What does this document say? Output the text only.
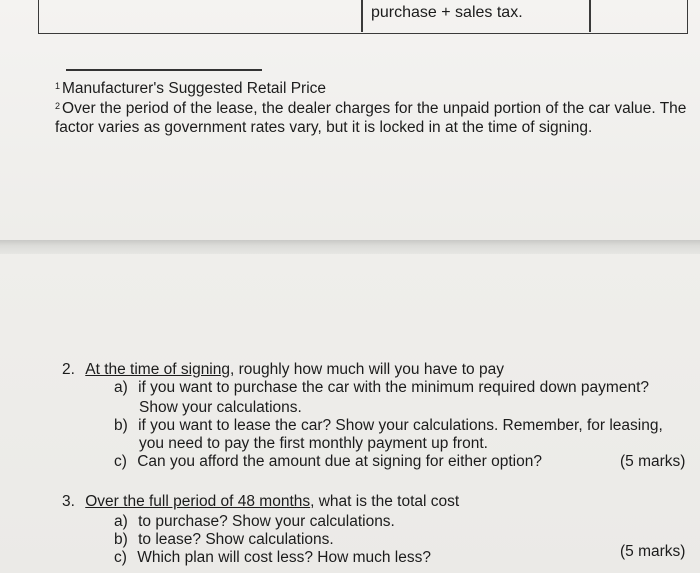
purchase + sales tax.
$^1$ Manufacturer's Suggested Retail Price
$^2$ Over the period of the lease, the dealer charges for the unpaid portion of the car value. The
factor varies as government rates vary, but it is locked in at the time of signing.
2. At the time of signing, roughly how much will you have to pay
a) if you want to purchase the car with the minimum required down payment?
Show your calculations.
b) if you want to lease the car? Show your calculations. Remember, for leasing,
you need to pay the first monthly payment up front.
c) Can you afford the amount due at signing for either option?	(5 marks)
3. Over the full period of 48 months, what is the total cost
a) to purchase? Show your calculations.
b) to lease? Show calculations.
c) Which plan will cost less? How much less?	(5 marks)
